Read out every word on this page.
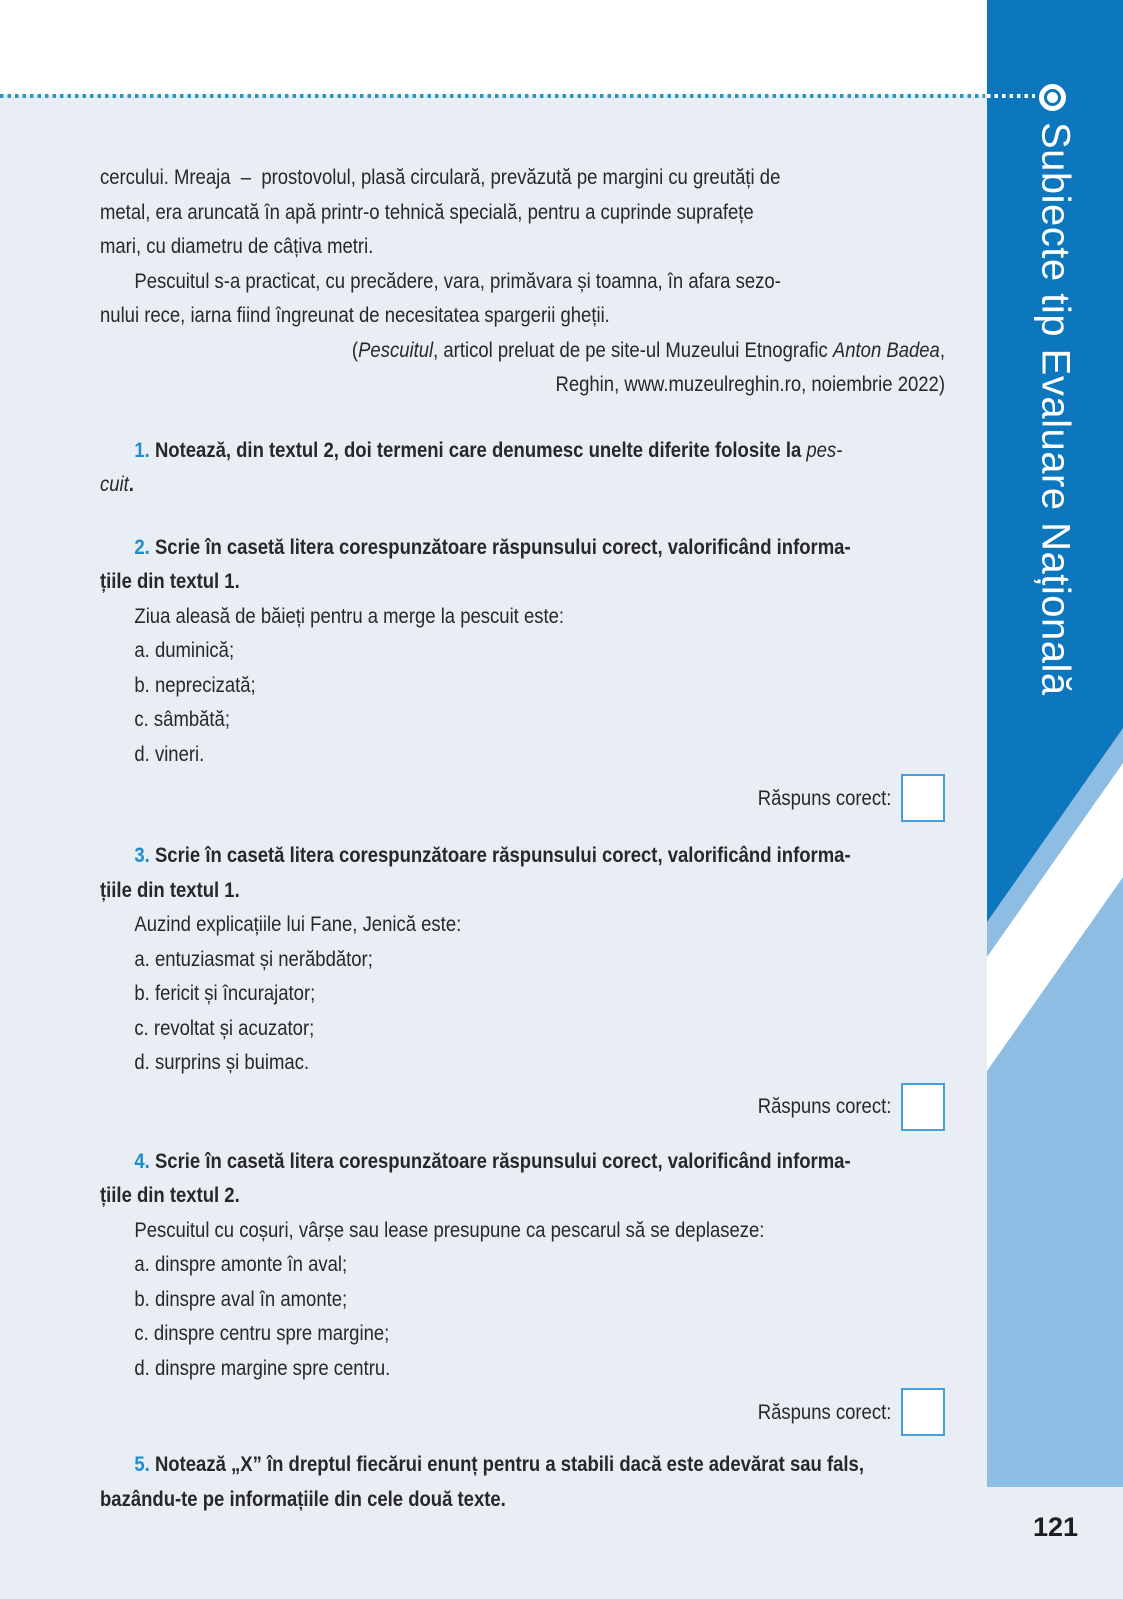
Subiecte tip Evaluare Națională
cercului. Mreaja  –  prostovolul, plasă circulară, prevăzută pe margini cu greutăți de
metal, era aruncată în apă printr-o tehnică specială, pentru a cuprinde suprafețe
mari, cu diametru de câțiva metri.
Pescuitul s-a practicat, cu precădere, vara, primăvara și toamna, în afara sezo-
nului rece, iarna fiind îngreunat de necesitatea spargerii gheții.
(Pescuitul, articol preluat de pe site-ul Muzeului Etnografic Anton Badea,
Reghin, www.muzeulreghin.ro, noiembrie 2022)
1. Notează, din textul 2, doi termeni care denumesc unelte diferite folosite la pes-
cuit.
2. Scrie în casetă litera corespunzătoare răspunsului corect, valorificând informa-
țiile din textul 1.
Ziua aleasă de băieți pentru a merge la pescuit este:
a. duminică;
b. neprecizată;
c. sâmbătă;
d. vineri.
Răspuns corect:
3. Scrie în casetă litera corespunzătoare răspunsului corect, valorificând informa-
țiile din textul 1.
Auzind explicațiile lui Fane, Jenică este:
a. entuziasmat și nerăbdător;
b. fericit și încurajator;
c. revoltat și acuzator;
d. surprins și buimac.
Răspuns corect:
4. Scrie în casetă litera corespunzătoare răspunsului corect, valorificând informa-
țiile din textul 2.
Pescuitul cu coșuri, vârșe sau lease presupune ca pescarul să se deplaseze:
a. dinspre amonte în aval;
b. dinspre aval în amonte;
c. dinspre centru spre margine;
d. dinspre margine spre centru.
Răspuns corect:
5. Notează „X” în dreptul fiecărui enunț pentru a stabili dacă este adevărat sau fals,
bazându-te pe informațiile din cele două texte.
121
